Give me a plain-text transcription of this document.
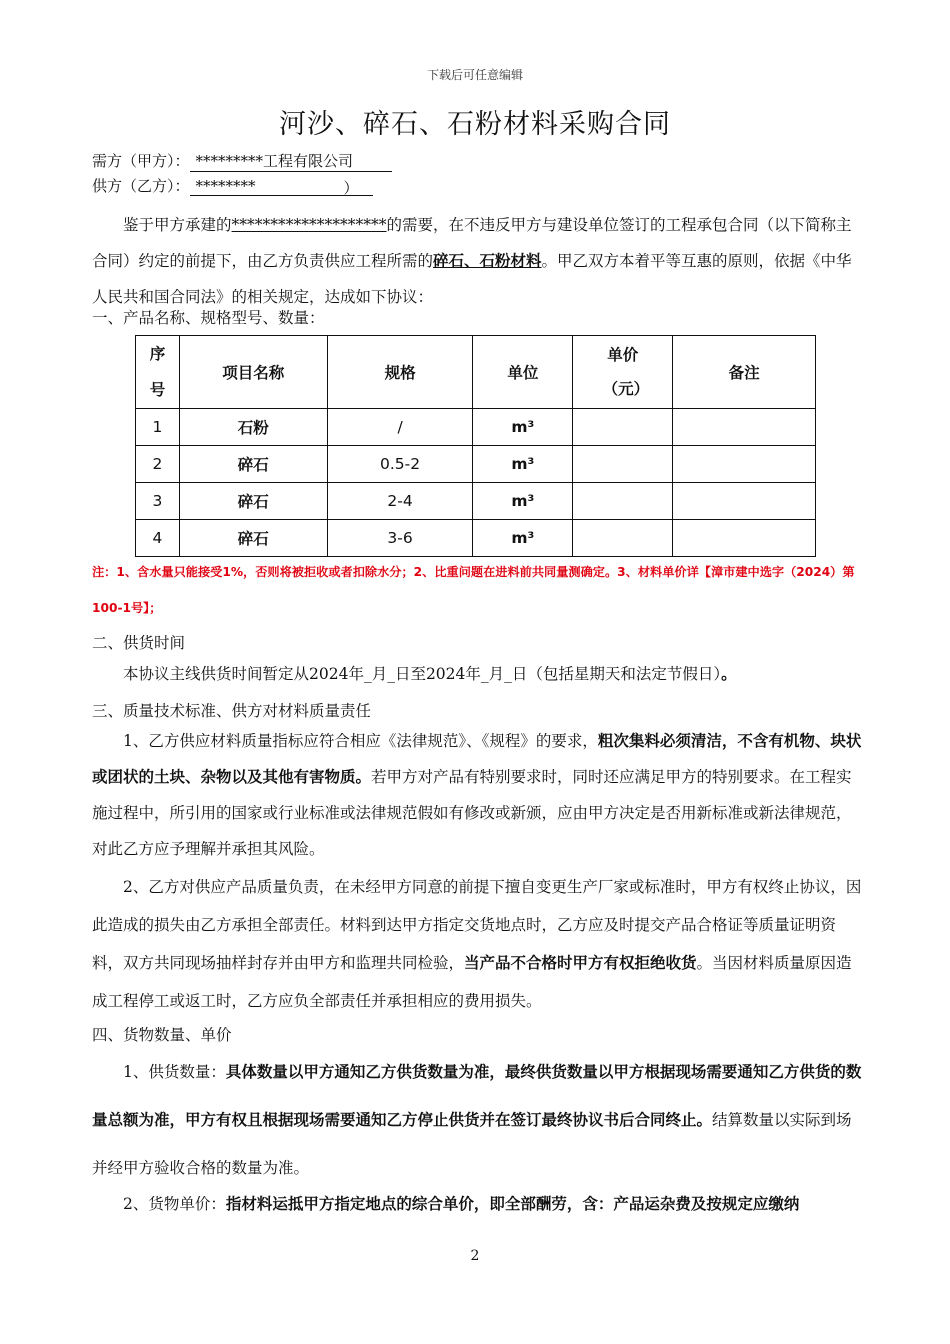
下载后可任意编辑
河沙、碎石、石粉材料采购合同
需方（甲方）： *********工程有限公司
供方（乙方）： ********	）
鉴于甲方承建的********************的需要，在不违反甲方与建设单位签订的工程承包合同（以下简称主合同）约定的前提下，由乙方负责供应工程所需的碎石、石粉材料。甲乙双方本着平等互惠的原则，依据《中华人民共和国合同法》的相关规定，达成如下协议：
一、产品名称、规格型号、数量：
序号	项目名称	规格	单位	单价（元）	备注
1	石粉	/	m³		
2	碎石	0.5-2	m³		
3	碎石	2-4	m³		
4	碎石	3-6	m³		
注：1、含水量只能接受1%，否则将被拒收或者扣除水分；2、比重问题在进料前共同量测确定。3、材料单价详【漳市建中选字（2024）第100-1号】；
二、供货时间
本协议主线供货时间暂定从2024年_月_日至2024年_月_日（包括星期天和法定节假日）。
三、质量技术标准、供方对材料质量责任
1、乙方供应材料质量指标应符合相应《法律规范》、《规程》的要求，粗次集料必须清洁，不含有机物、块状或团状的土块、杂物以及其他有害物质。若甲方对产品有特别要求时，同时还应满足甲方的特别要求。在工程实施过程中，所引用的国家或行业标准或法律规范假如有修改或新颁，应由甲方决定是否用新标准或新法律规范，对此乙方应予理解并承担其风险。
2、乙方对供应产品质量负责，在未经甲方同意的前提下擅自变更生产厂家或标准时，甲方有权终止协议，因此造成的损失由乙方承担全部责任。材料到达甲方指定交货地点时，乙方应及时提交产品合格证等质量证明资料，双方共同现场抽样封存并由甲方和监理共同检验，当产品不合格时甲方有权拒绝收货。当因材料质量原因造成工程停工或返工时，乙方应负全部责任并承担相应的费用损失。
四、货物数量、单价
1、供货数量：具体数量以甲方通知乙方供货数量为准，最终供货数量以甲方根据现场需要通知乙方供货的数量总额为准，甲方有权且根据现场需要通知乙方停止供货并在签订最终协议书后合同终止。结算数量以实际到场并经甲方验收合格的数量为准。
2、货物单价：指材料运抵甲方指定地点的综合单价，即全部酬劳，含：产品运杂费及按规定应缴纳
2
